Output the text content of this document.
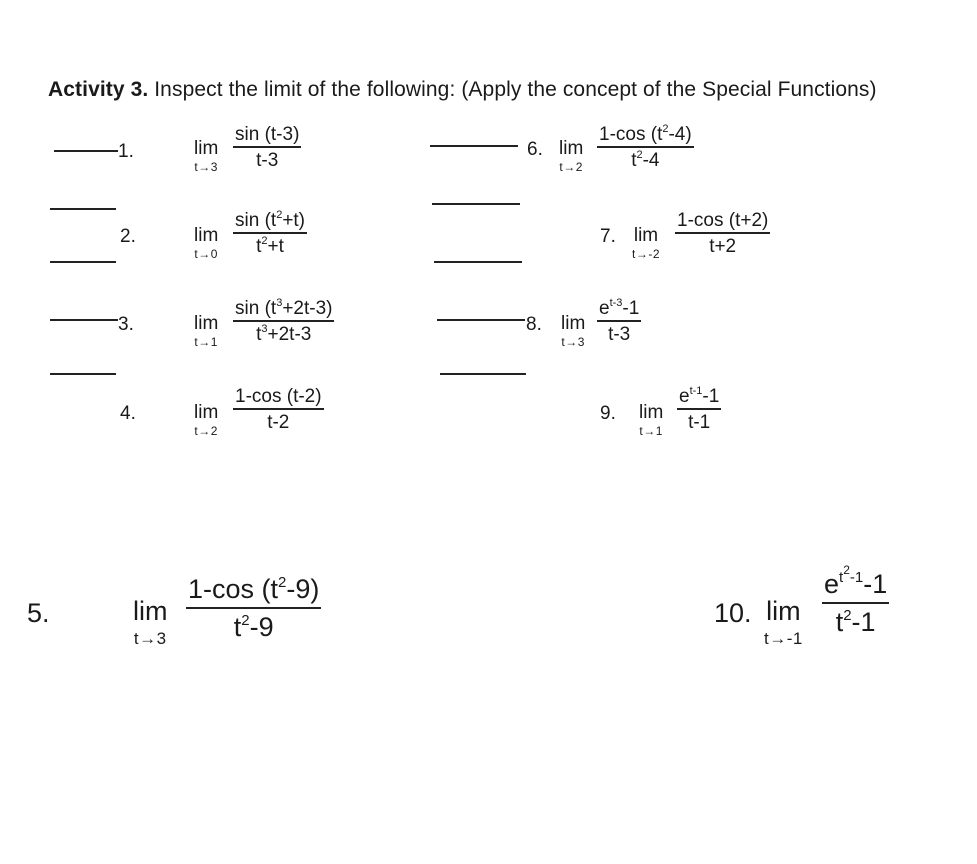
Activity 3. Inspect the limit of the following: (Apply the concept of the Special Functions)
1.	lim
$t\to 3 \frac{\sin (t-3)}{t-3}$
2.	lim
$t\to 0 \frac{\sin (t^2+t)}{t^2+t}$
3.	lim
$t\to 1 \frac{\sin (t^3+2t-3)}{t^3+2t-3}$
4.	lim
$t\to 2 \frac{1-\cos (t-2)}{t-2}$
6. lim
$t\to 2 \frac{1-\cos (t^2-4)}{t^2-4}$
7. lim
$t\to-2 \frac{1-\cos (t+2)}{t+2}$
8. lim
$t\to 3 \frac{e^{t-3}-1}{t-3}$
9. lim
$t\to 1 \frac{e^{t-1}-1}{t-1}$
5.	lim
$t\to 3 \frac{1-\cos (t^2-9)}{t^2-9}$	10. lim
t→-1
$\frac{e^{t^2-1}-1}{t^2-1}$
